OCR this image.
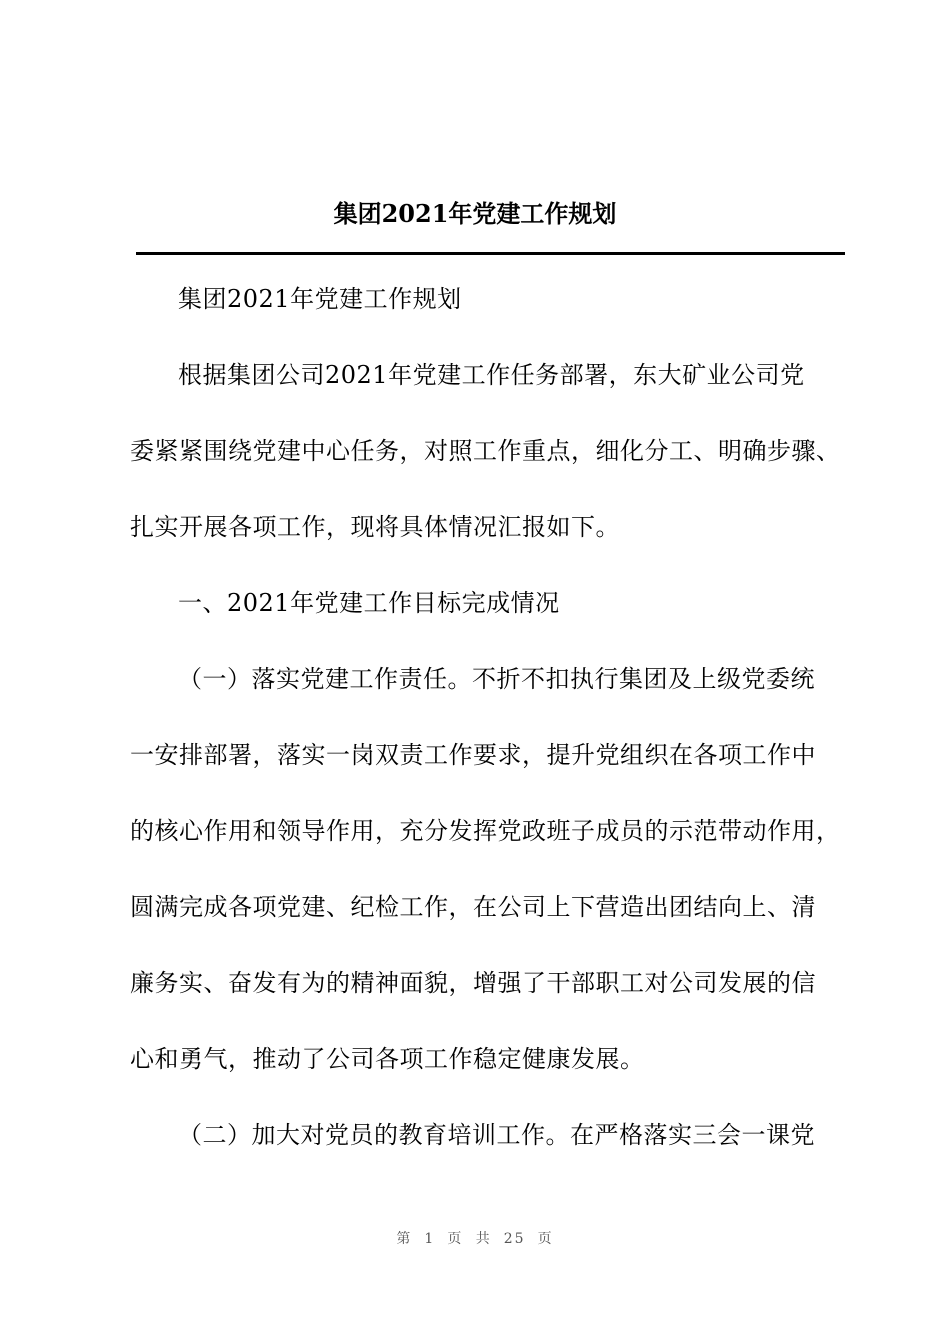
集团2021年党建工作规划
集团2021年党建工作规划
根据集团公司2021年党建工作任务部署，东大矿业公司党
委紧紧围绕党建中心任务，对照工作重点，细化分工、明确步骤、
扎实开展各项工作，现将具体情况汇报如下。
一、2021年党建工作目标完成情况
（一）落实党建工作责任。不折不扣执行集团及上级党委统
一安排部署，落实一岗双责工作要求，提升党组织在各项工作中
的核心作用和领导作用，充分发挥党政班子成员的示范带动作用，
圆满完成各项党建、纪检工作，在公司上下营造出团结向上、清
廉务实、奋发有为的精神面貌，增强了干部职工对公司发展的信
心和勇气，推动了公司各项工作稳定健康发展。
（二）加大对党员的教育培训工作。在严格落实三会一课党
第 1 页 共 25 页
